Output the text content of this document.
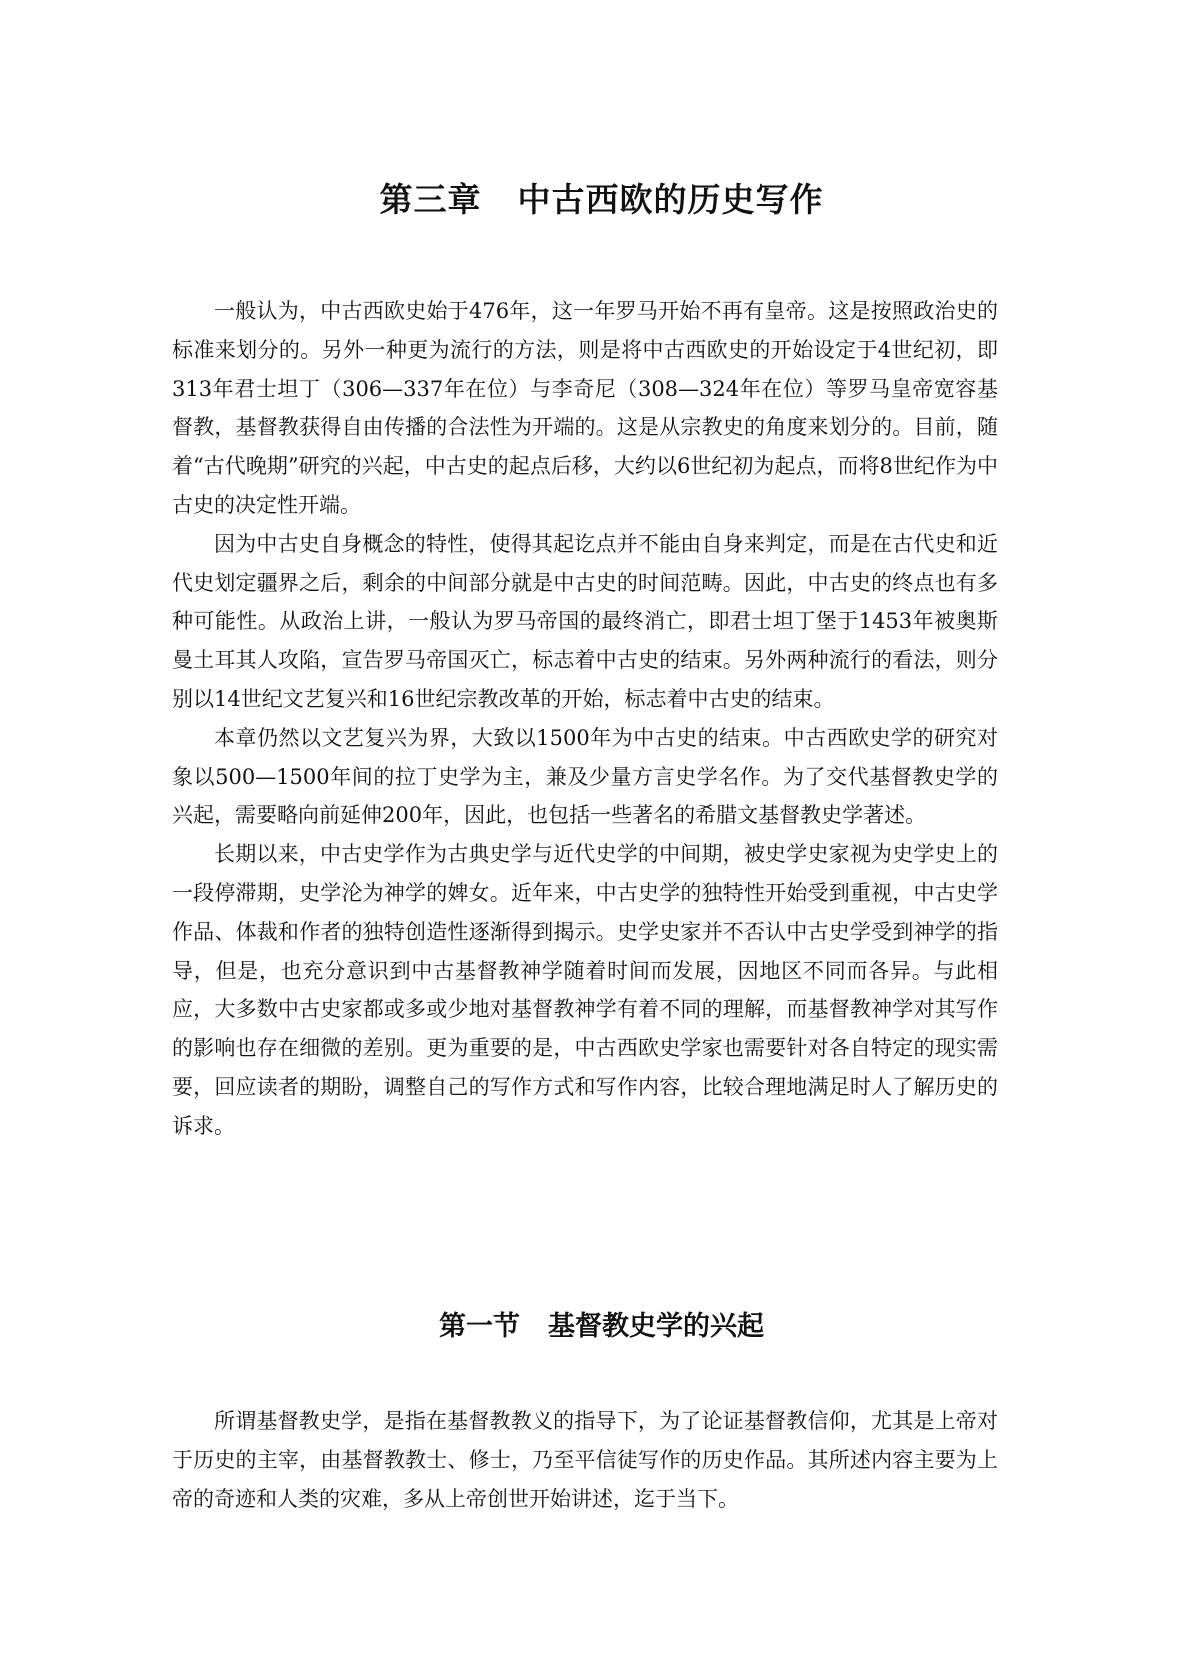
第三章 中古西欧的历史写作

一般认为，中古西欧史始于476年，这一年罗马开始不再有皇帝。这是按照政治史的标准来划分的。另外一种更为流行的方法，则是将中古西欧史的开始设定于4世纪初，即313年君士坦丁（306—337年在位）与李奇尼（308—324年在位）等罗马皇帝宽容基督教，基督教获得自由传播的合法性为开端的。这是从宗教史的角度来划分的。目前，随着“古代晚期”研究的兴起，中古史的起点后移，大约以6世纪初为起点，而将8世纪作为中古史的决定性开端。

因为中古史自身概念的特性，使得其起讫点并不能由自身来判定，而是在古代史和近代史划定疆界之后，剩余的中间部分就是中古史的时间范畴。因此，中古史的终点也有多种可能性。从政治上讲，一般认为罗马帝国的最终消亡，即君士坦丁堡于1453年被奥斯曼土耳其人攻陷，宣告罗马帝国灭亡，标志着中古史的结束。另外两种流行的看法，则分别以14世纪文艺复兴和16世纪宗教改革的开始，标志着中古史的结束。

本章仍然以文艺复兴为界，大致以1500年为中古史的结束。中古西欧史学的研究对象以500—1500年间的拉丁史学为主，兼及少量方言史学名作。为了交代基督教史学的兴起，需要略向前延伸200年，因此，也包括一些著名的希腊文基督教史学著述。

长期以来，中古史学作为古典史学与近代史学的中间期，被史学史家视为史学史上的一段停滞期，史学沦为神学的婢女。近年来，中古史学的独特性开始受到重视，中古史学作品、体裁和作者的独特创造性逐渐得到揭示。史学史家并不否认中古史学受到神学的指导，但是，也充分意识到中古基督教神学随着时间而发展，因地区不同而各异。与此相应，大多数中古史家都或多或少地对基督教神学有着不同的理解，而基督教神学对其写作的影响也存在细微的差别。更为重要的是，中古西欧史学家也需要针对各自特定的现实需要，回应读者的期盼，调整自己的写作方式和写作内容，比较合理地满足时人了解历史的诉求。

第一节 基督教史学的兴起

所谓基督教史学，是指在基督教教义的指导下，为了论证基督教信仰，尤其是上帝对于历史的主宰，由基督教教士、修士，乃至平信徒写作的历史作品。其所述内容主要为上帝的奇迹和人类的灾难，多从上帝创世开始讲述，迄于当下。
